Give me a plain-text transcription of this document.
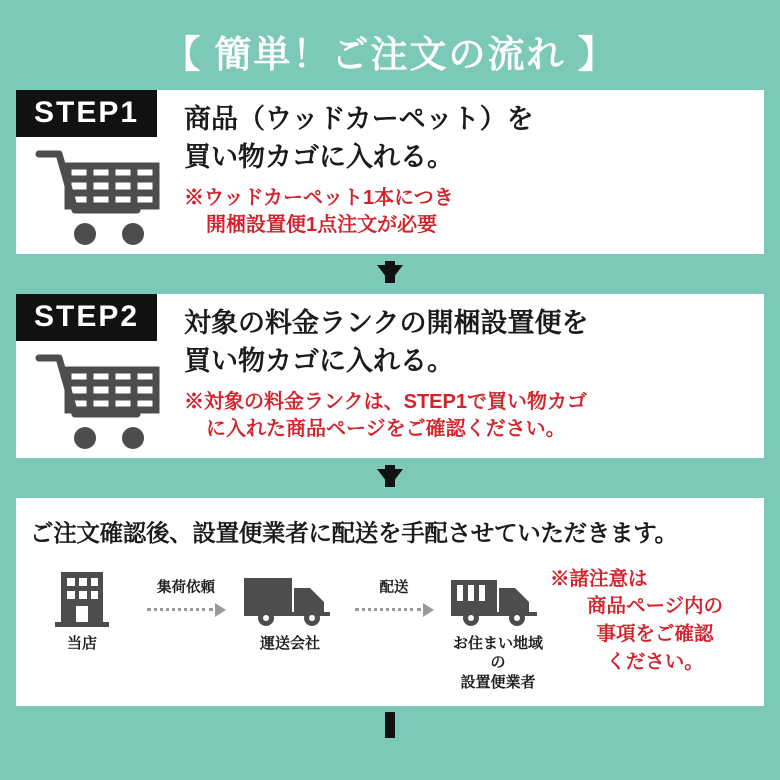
【 簡単！ご注文の流れ 】
STEP1	商品（ウッドカーペット）を
買い物カゴに入れる。
※ウッドカーペット1本につき
開梱設置便1点注文が必要
STEP2	対象の料金ランクの開梱設置便を
買い物カゴに入れる。
※対象の料金ランクは、STEP1で買い物カゴ
に入れた商品ページをご確認ください。
ご注文確認後、設置便業者に配送を手配させていただきます。
当店
集荷依頼
運送会社
配送
お住まい地域の
設置便業者
※諸注意は
商品ページ内の
事項をご確認
ください。
